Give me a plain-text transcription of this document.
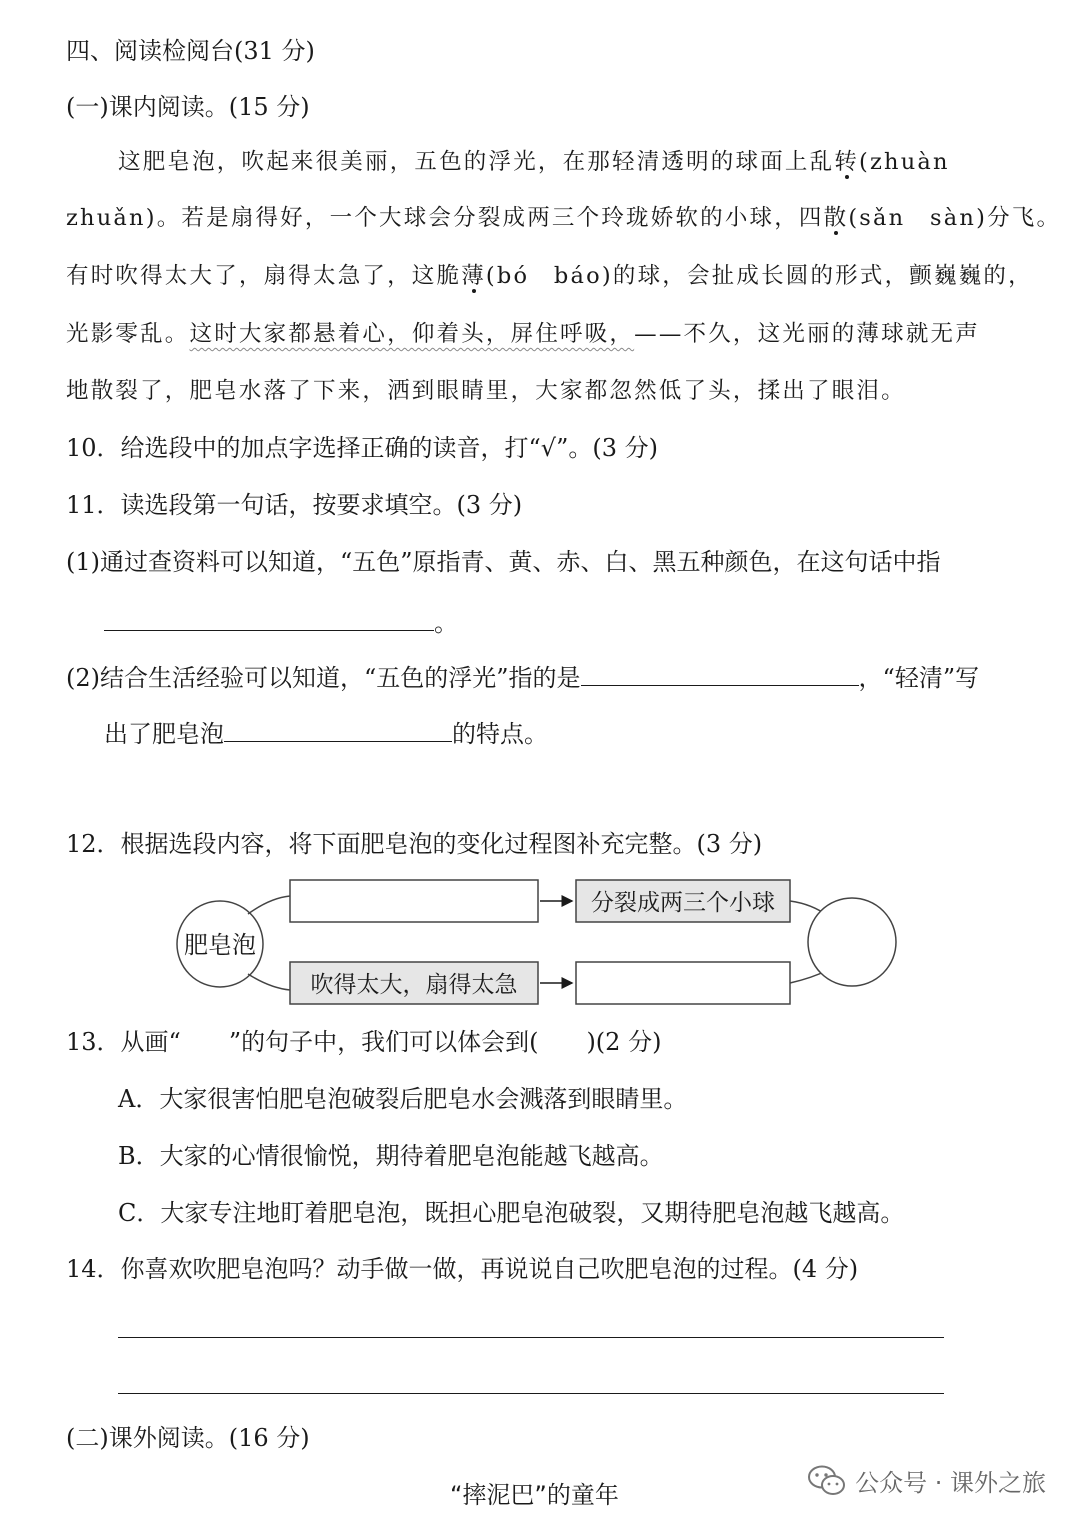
四、阅读检阅台(31 分)
(一)课内阅读。(15 分)
这肥皂泡，吹起来很美丽，五色的浮光，在那轻清透明的球面上乱转(zhuàn
zhuǎn)。若是扇得好，一个大球会分裂成两三个玲珑娇软的小球，四散(sǎn　sàn)分飞。
有时吹得太大了，扇得太急了，这脆薄(bó　báo)的球，会扯成长圆的形式，颤巍巍的，
光影零乱。这时大家都悬着心，仰着头，屏住呼吸，——不久，这光丽的薄球就无声
地散裂了，肥皂水落了下来，洒到眼睛里，大家都忽然低了头，揉出了眼泪。
10．给选段中的加点字选择正确的读音，打“√”。(3 分)
11．读选段第一句话，按要求填空。(3 分)
(1)通过查资料可以知道，“五色”原指青、黄、赤、白、黑五种颜色，在这句话中指
。
(2)结合生活经验可以知道，“五色的浮光”指的是	，“轻清”写
出了肥皂泡	的特点。
12．根据选段内容，将下面肥皂泡的变化过程图补充完整。(3 分)
肥皂泡
分裂成两三个小球
吹得太大，扇得太急
13．从画“ ”的句子中，我们可以体会到(　　)(2 分)
A．大家很害怕肥皂泡破裂后肥皂水会溅落到眼睛里。
B．大家的心情很愉悦，期待着肥皂泡能越飞越高。
C．大家专注地盯着肥皂泡，既担心肥皂泡破裂，又期待肥皂泡越飞越高。
14．你喜欢吹肥皂泡吗？动手做一做，再说说自己吹肥皂泡的过程。(4 分)
(二)课外阅读。(16 分)
“摔泥巴”的童年	公众号 · 课外之旅
